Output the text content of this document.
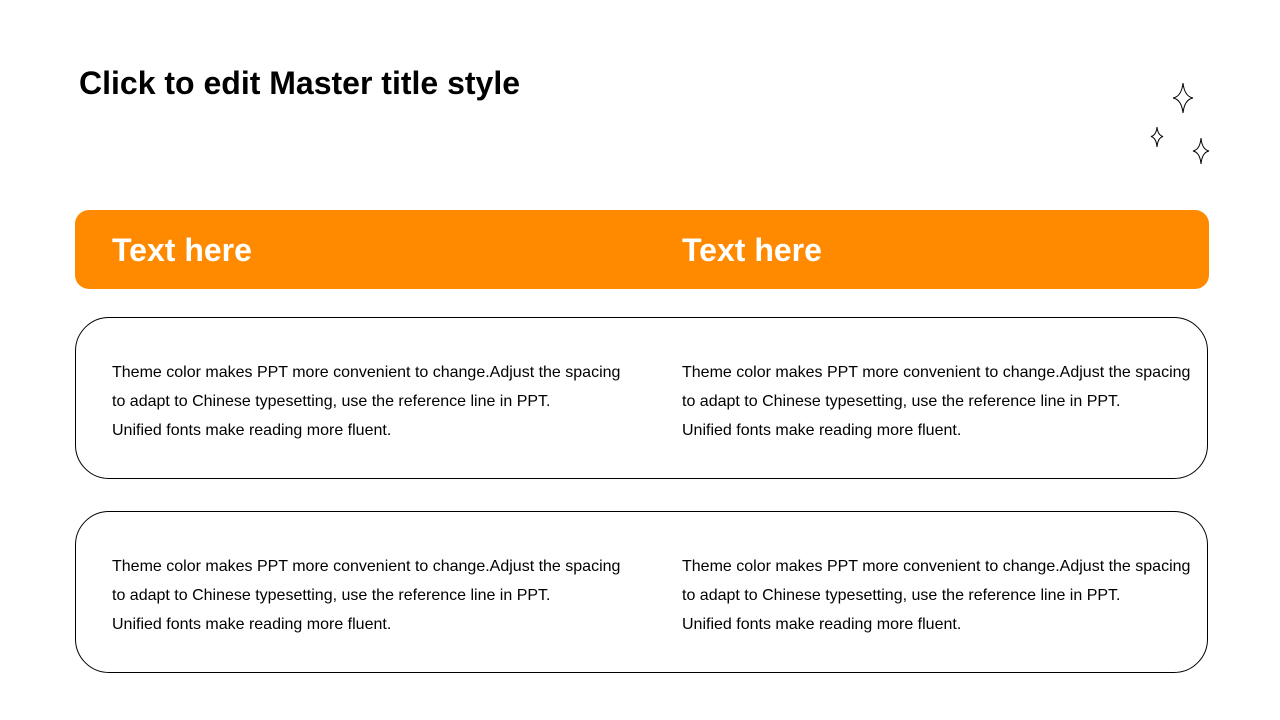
Click to edit Master title style

Text here	Text here

Theme color makes PPT more convenient to change.Adjust the spacing
to adapt to Chinese typesetting, use the reference line in PPT.
Unified fonts make reading more fluent.

Theme color makes PPT more convenient to change.Adjust the spacing
to adapt to Chinese typesetting, use the reference line in PPT.
Unified fonts make reading more fluent.

Theme color makes PPT more convenient to change.Adjust the spacing
to adapt to Chinese typesetting, use the reference line in PPT.
Unified fonts make reading more fluent.

Theme color makes PPT more convenient to change.Adjust the spacing
to adapt to Chinese typesetting, use the reference line in PPT.
Unified fonts make reading more fluent.
